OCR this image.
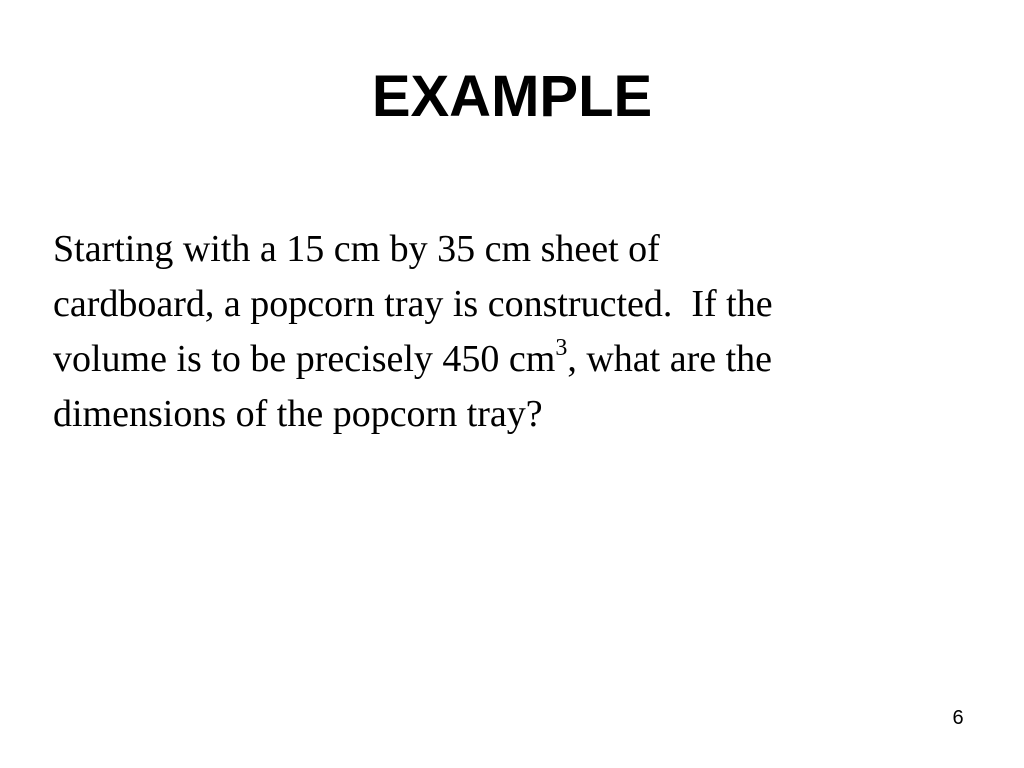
EXAMPLE
Starting with a 15 cm by 35 cm sheet of
cardboard, a popcorn tray is constructed.  If the
volume is to be precisely 450 $cm^3$, what are the
dimensions of the popcorn tray?
6
